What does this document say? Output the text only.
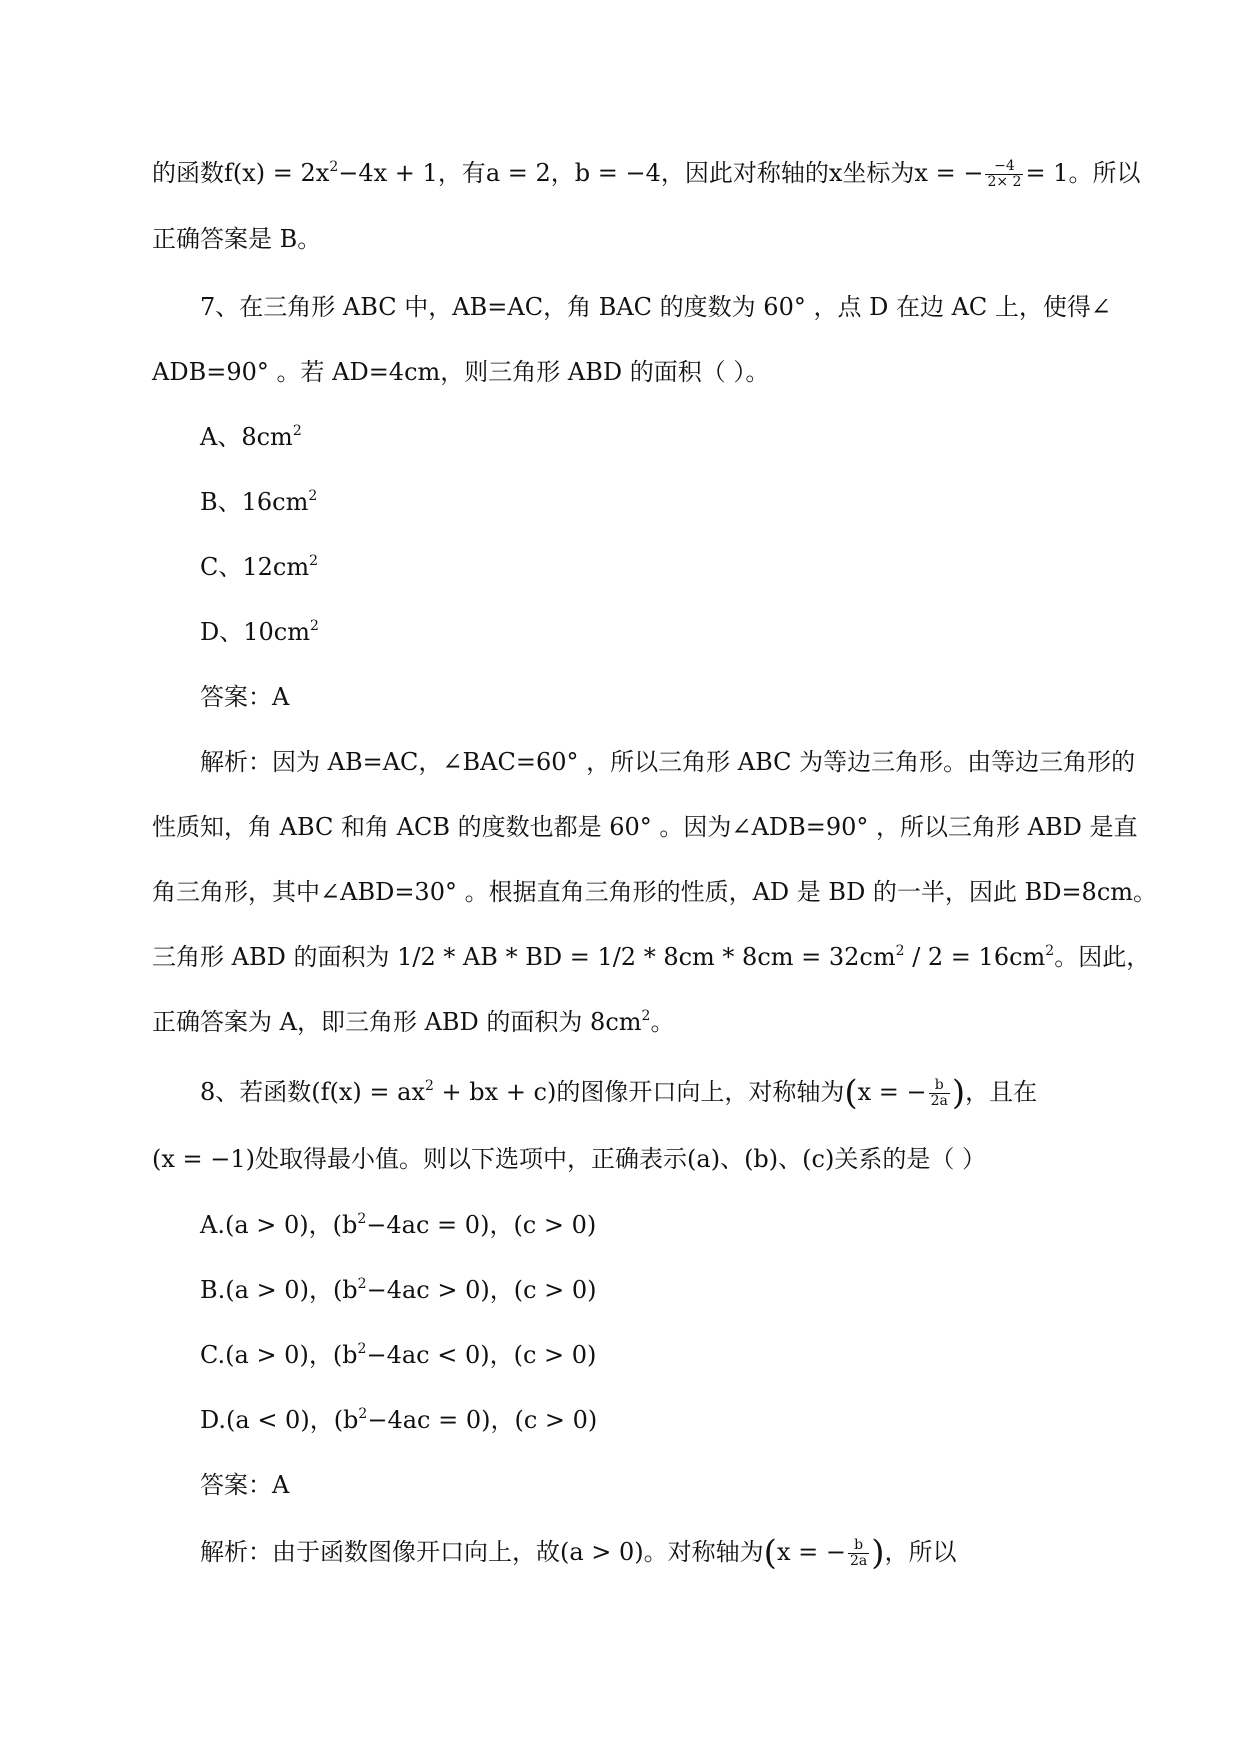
的函数$f(x) = 2x^2-4x + 1$，有a = 2，b = −4，因此对称轴的x坐标为x = − $\frac{-4}{2\times 2} = 1$。所以
正确答案是 B。
7、在三角形 ABC 中，AB=AC，角 BAC 的度数为 60° ，点 D 在边 AC 上，使得∠
ADB=90° 。若 AD=4cm，则三角形 ABD 的面积（ ）。
A、$8cm^2$
B、$16cm^2$
C、$12cm^2$
D、$10cm^2$
答案：A
解析：因为 AB=AC，∠BAC=60° ，所以三角形 ABC 为等边三角形。由等边三角形的
性质知，角 ABC 和角 ACB 的度数也都是 60° 。因为∠ADB=90° ，所以三角形 ABD 是直
角三角形，其中∠ABD=30° 。根据直角三角形的性质，AD 是 BD 的一半，因此 BD=8cm。
三角形 ABD 的面积为 1/2 * AB * BD = $1/2 * 8cm * 8cm = 32cm^2 / 2 = 16cm^2$。因此，
正确答案为 A，即三角形 ABD 的面积为 $8cm^2$。
8、若函数($f(x) = ax^2$ + bx + c)的图像开口向上，对称轴为(x = − $\frac{b}{2a}$ )，且在
(x = −1)处取得最小值。则以下选项中，正确表示(a)、(b)、(c)关系的是（ ）
A.(a > 0)，$(b^2-4ac = 0)$，(c > 0)
B.(a > 0)，$(b^2-4ac > 0)$，(c > 0)
C.(a > 0)，$(b^2-4ac < 0)$，(c > 0)
D.(a < 0)，$(b^2-4ac = 0)$，(c > 0)
答案：A
解析：由于函数图像开口向上，故(a > 0)。对称轴为(x = − $\frac{b}{2a}$ )，所以
